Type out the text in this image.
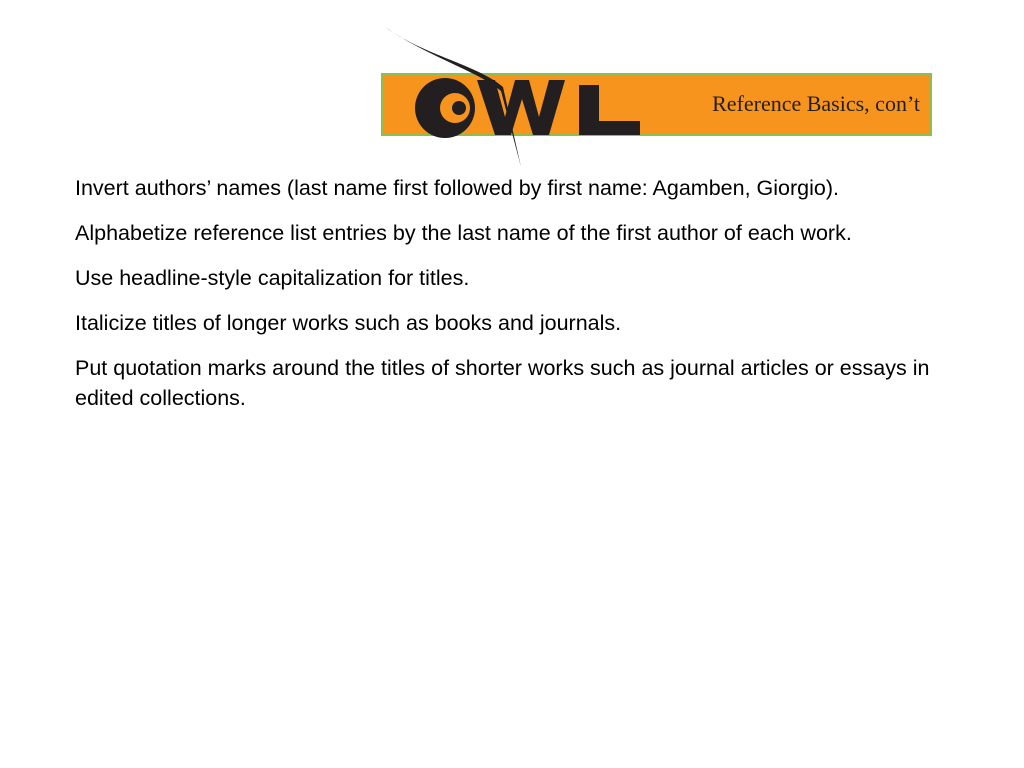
Reference Basics, con’t

Invert authors’ names (last name first followed by first name: Agamben, Giorgio).

Alphabetize reference list entries by the last name of the first author of each work.

Use headline-style capitalization for titles.

Italicize titles of longer works such as books and journals.

Put quotation marks around the titles of shorter works such as journal articles or essays in edited collections.
